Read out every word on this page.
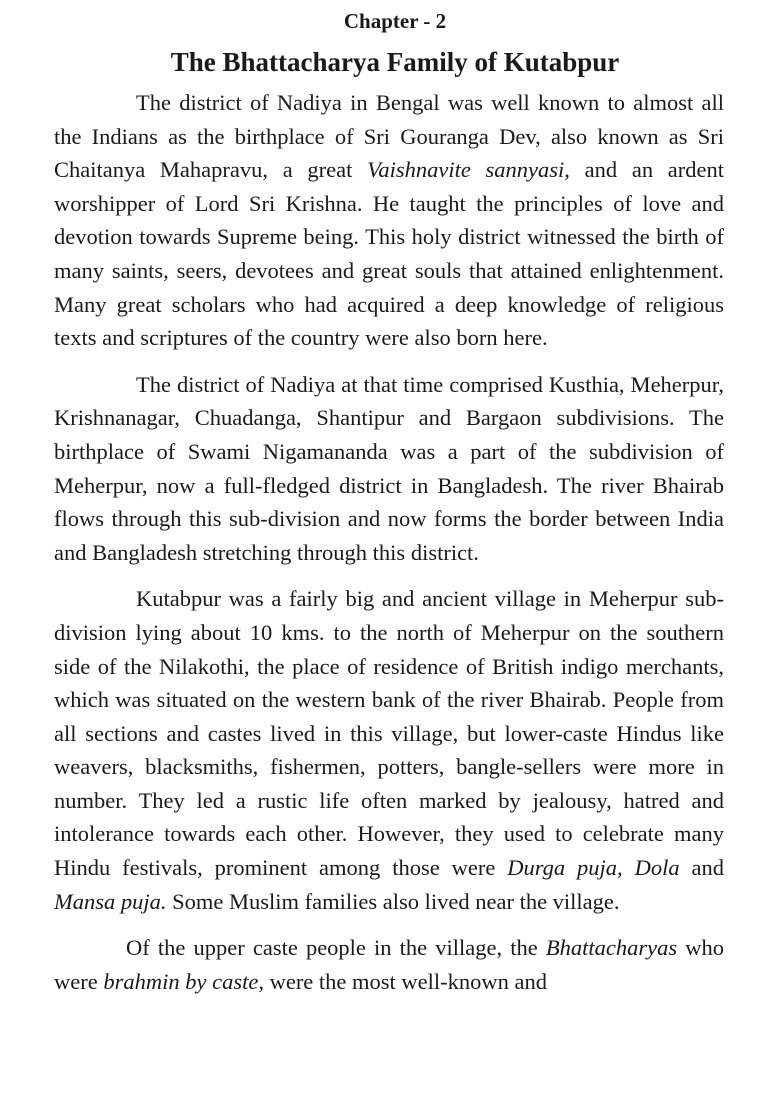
Chapter - 2
The Bhattacharya Family of Kutabpur

The district of Nadiya in Bengal was well known to almost all the Indians as the birthplace of Sri Gouranga Dev, also known as Sri Chaitanya Mahapravu, a great Vaishnavite sannyasi, and an ardent worshipper of Lord Sri Krishna. He taught the principles of love and devotion towards Supreme being. This holy district witnessed the birth of many saints, seers, devotees and great souls that attained enlightenment. Many great scholars who had acquired a deep knowledge of religious texts and scriptures of the country were also born here.

The district of Nadiya at that time comprised Kusthia, Meherpur, Krishnanagar, Chuadanga, Shantipur and Bargaon subdivisions. The birthplace of Swami Nigamananda was a part of the subdivision of Meherpur, now a full-fledged district in Bangladesh. The river Bhairab flows through this sub-division and now forms the border between India and Bangladesh stretching through this district.

Kutabpur was a fairly big and ancient village in Meherpur sub-division lying about 10 kms. to the north of Meherpur on the southern side of the Nilakothi, the place of residence of British indigo merchants, which was situated on the western bank of the river Bhairab. People from all sections and castes lived in this village, but lower-caste Hindus like weavers, blacksmiths, fishermen, potters, bangle-sellers were more in number. They led a rustic life often marked by jealousy, hatred and intolerance towards each other. However, they used to celebrate many Hindu festivals, prominent among those were Durga puja, Dola and Mansa puja. Some Muslim families also lived near the village.

Of the upper caste people in the village, the Bhattacharyas who were brahmin by caste, were the most well-known and
